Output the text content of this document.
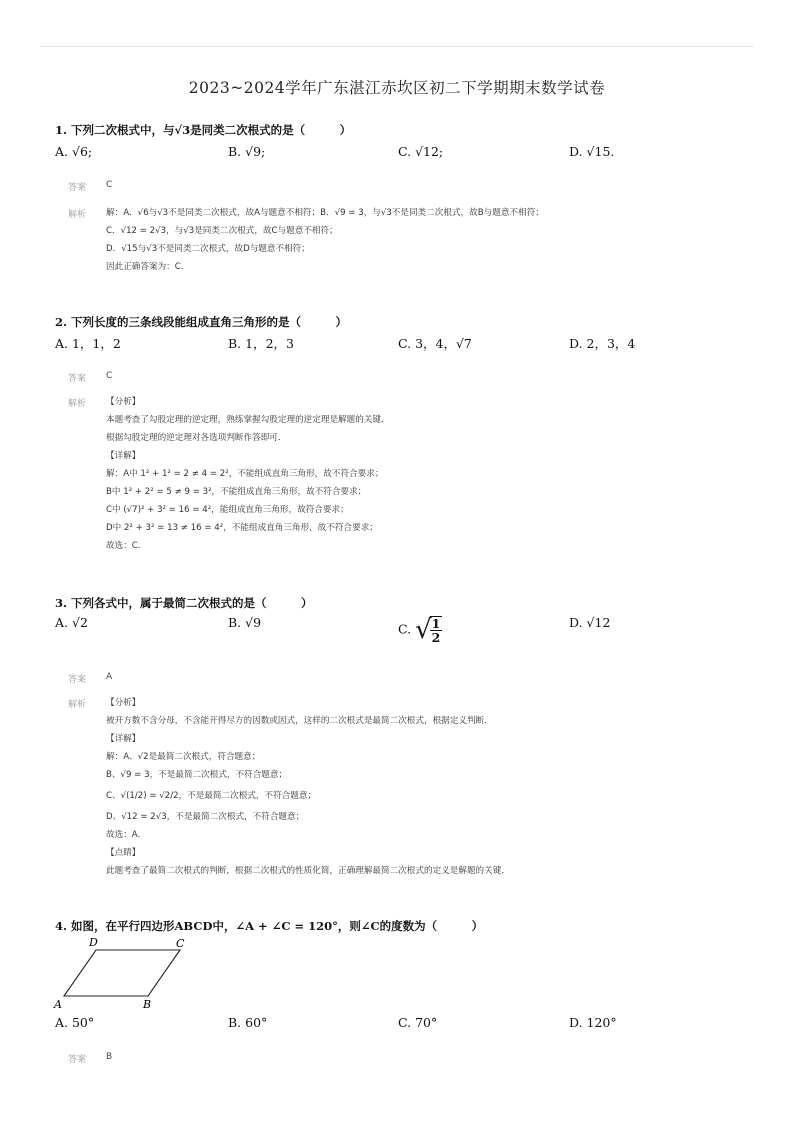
2023~2024学年广东湛江赤坎区初二下学期期末数学试卷
1. 下列二次根式中，与√3是同类二次根式的是（　　　）
A. √6;	B. √9;	C. √12;	D. √15.
答案 C
解析 解：A．√6与√3不是同类二次根式，故A与题意不相符；B．√9 = 3，与√3不是同类二次根式，故B与题意不相符；
C．√12 = 2√3，与√3是同类二次根式，故C与题意不相符；
D．√15与√3不是同类二次根式，故D与题意不相符；
因此正确答案为：C.
2. 下列长度的三条线段能组成直角三角形的是（　　　）
A. 1，1，2	B. 1，2，3	C. 3，4，√7	D. 2，3，4
答案 C
解析 【分析】
本题考查了勾股定理的逆定理，熟练掌握勾股定理的逆定理是解题的关键．
根据勾股定理的逆定理对各选项判断作答即可．
【详解】
解：A中 1² + 1² = 2 ≠ 4 = 2²，不能组成直角三角形，故不符合要求；
B中 1² + 2² = 5 ≠ 9 = 3²，不能组成直角三角形，故不符合要求；
C中 (√7)² + 3² = 16 = 4²，能组成直角三角形，故符合要求；
D中 2² + 3² = 13 ≠ 16 = 4²，不能组成直角三角形，故不符合要求；
故选：C.
3. 下列各式中，属于最简二次根式的是（　　　）
A. √2	B. √9	C. √
$\frac{1}{2}$	D. √12
答案 A
解析 【分析】
被开方数不含分母，不含能开得尽方的因数或因式，这样的二次根式是最简二次根式，根据定义判断．
【详解】
解：A、√2是最简二次根式，符合题意；
B、√9 = 3，不是最简二次根式，不符合题意；
C、√(1/2) = √2/2，不是最简二次根式，不符合题意；
D、√12 = 2√3，不是最简二次根式，不符合题意；
故选：A.
【点睛】
此题考查了最简二次根式的判断，根据二次根式的性质化简，正确理解最简二次根式的定义是解题的关键．
4. 如图，在平行四边形ABCD中，∠A + ∠C = 120°，则∠C的度数为（　　　）
D	C
A	B
A. 50°	B. 60°	C. 70°	D. 120°
答案 B
